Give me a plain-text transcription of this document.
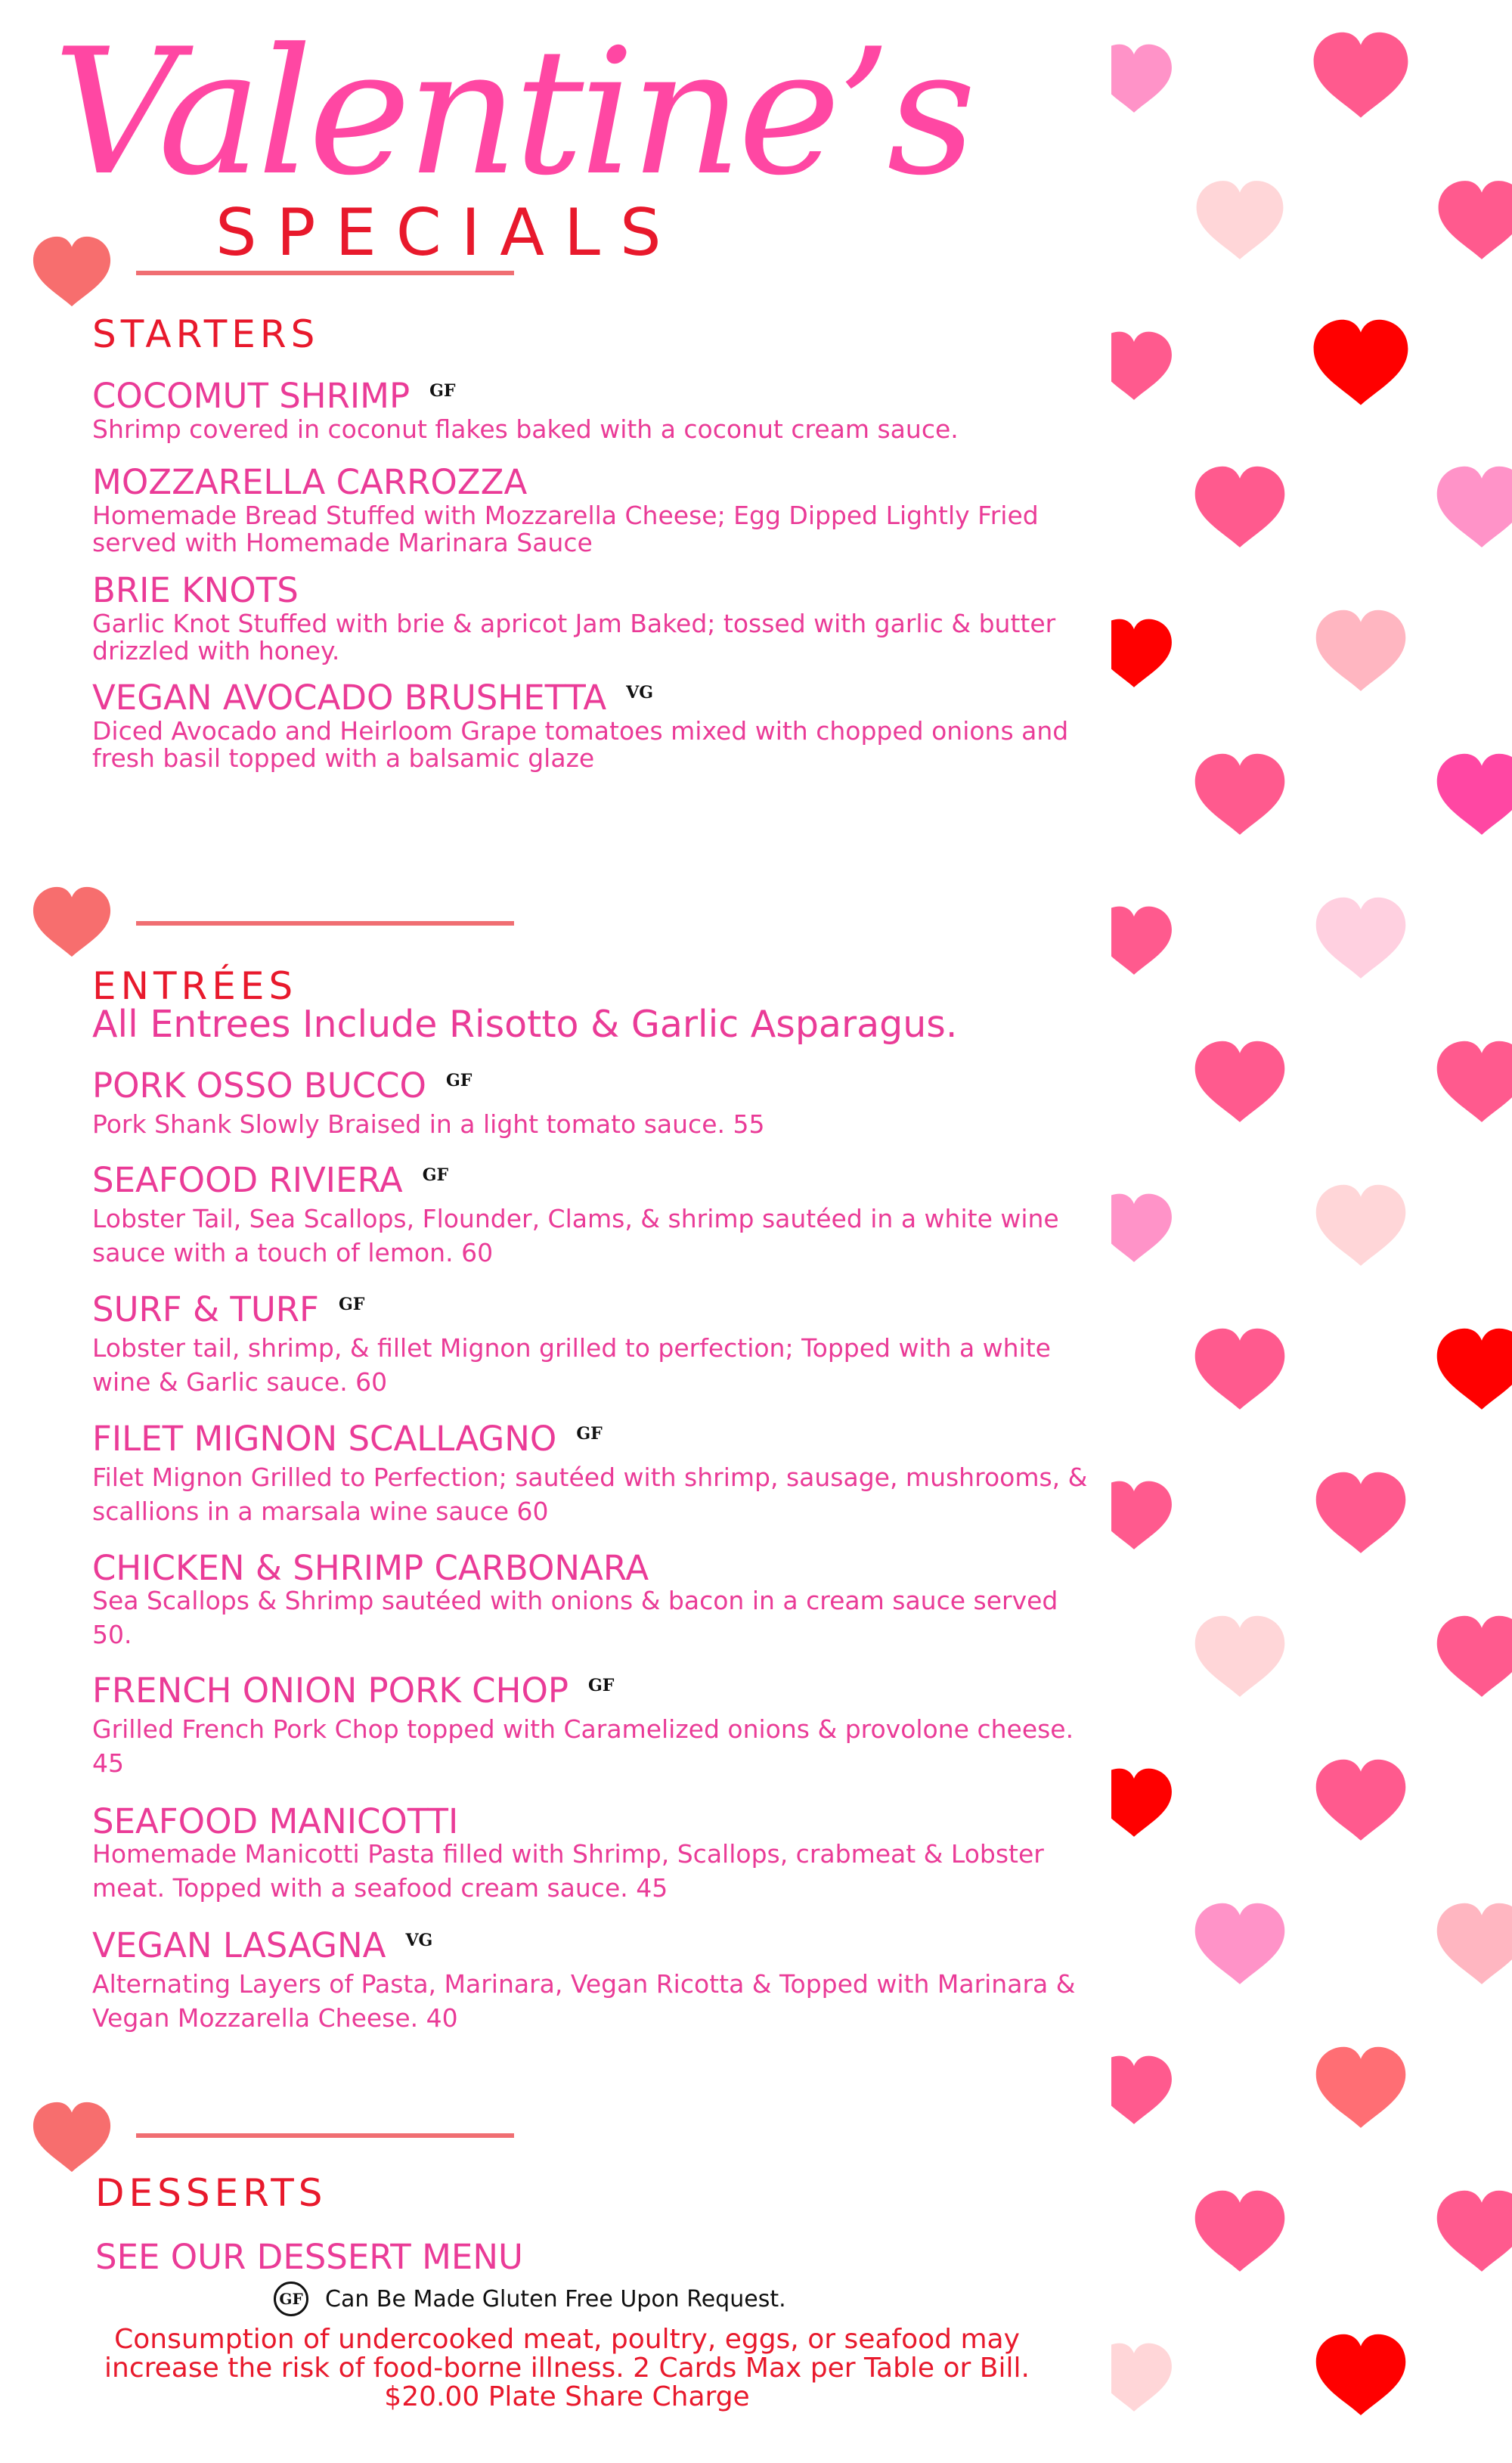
Valentine’s
SPECIALS
STARTERS
COCOMUT SHRIMP GF
Shrimp covered in coconut flakes baked with a coconut cream sauce.
MOZZARELLA CARROZZA
Homemade Bread Stuffed with Mozzarella Cheese; Egg Dipped Lightly Fried served with Homemade Marinara Sauce
BRIE KNOTS
Garlic Knot Stuffed with brie & apricot Jam Baked; tossed with garlic & butter drizzled with honey.
VEGAN AVOCADO BRUSHETTA VG
Diced Avocado and Heirloom Grape tomatoes mixed with chopped onions and fresh basil topped with a balsamic glaze
ENTRÉES
All Entrees Include Risotto & Garlic Asparagus.
PORK OSSO BUCCO GF
Pork Shank Slowly Braised in a light tomato sauce. 55
SEAFOOD RIVIERA GF
Lobster Tail, Sea Scallops, Flounder, Clams, & shrimp sautéed in a white wine sauce with a touch of lemon. 60
SURF & TURF GF
Lobster tail, shrimp, & fillet Mignon grilled to perfection; Topped with a white wine & Garlic sauce. 60
FILET MIGNON SCALLAGNO GF
Filet Mignon Grilled to Perfection; sautéed with shrimp, sausage, mushrooms, & scallions in a marsala wine sauce 60
CHICKEN & SHRIMP CARBONARA
Sea Scallops & Shrimp sautéed with onions & bacon in a cream sauce served 50.
FRENCH ONION PORK CHOP GF
Grilled French Pork Chop topped with Caramelized onions & provolone cheese. 45
SEAFOOD MANICOTTI
Homemade Manicotti Pasta filled with Shrimp, Scallops, crabmeat & Lobster meat. Topped with a seafood cream sauce. 45
VEGAN LASAGNA VG
Alternating Layers of Pasta, Marinara, Vegan Ricotta & Topped with Marinara & Vegan Mozzarella Cheese. 40
DESSERTS
SEE OUR DESSERT MENU
GF Can Be Made Gluten Free Upon Request.
Consumption of undercooked meat, poultry, eggs, or seafood may increase the risk of food-borne illness. 2 Cards Max per Table or Bill.
$20.00 Plate Share Charge
